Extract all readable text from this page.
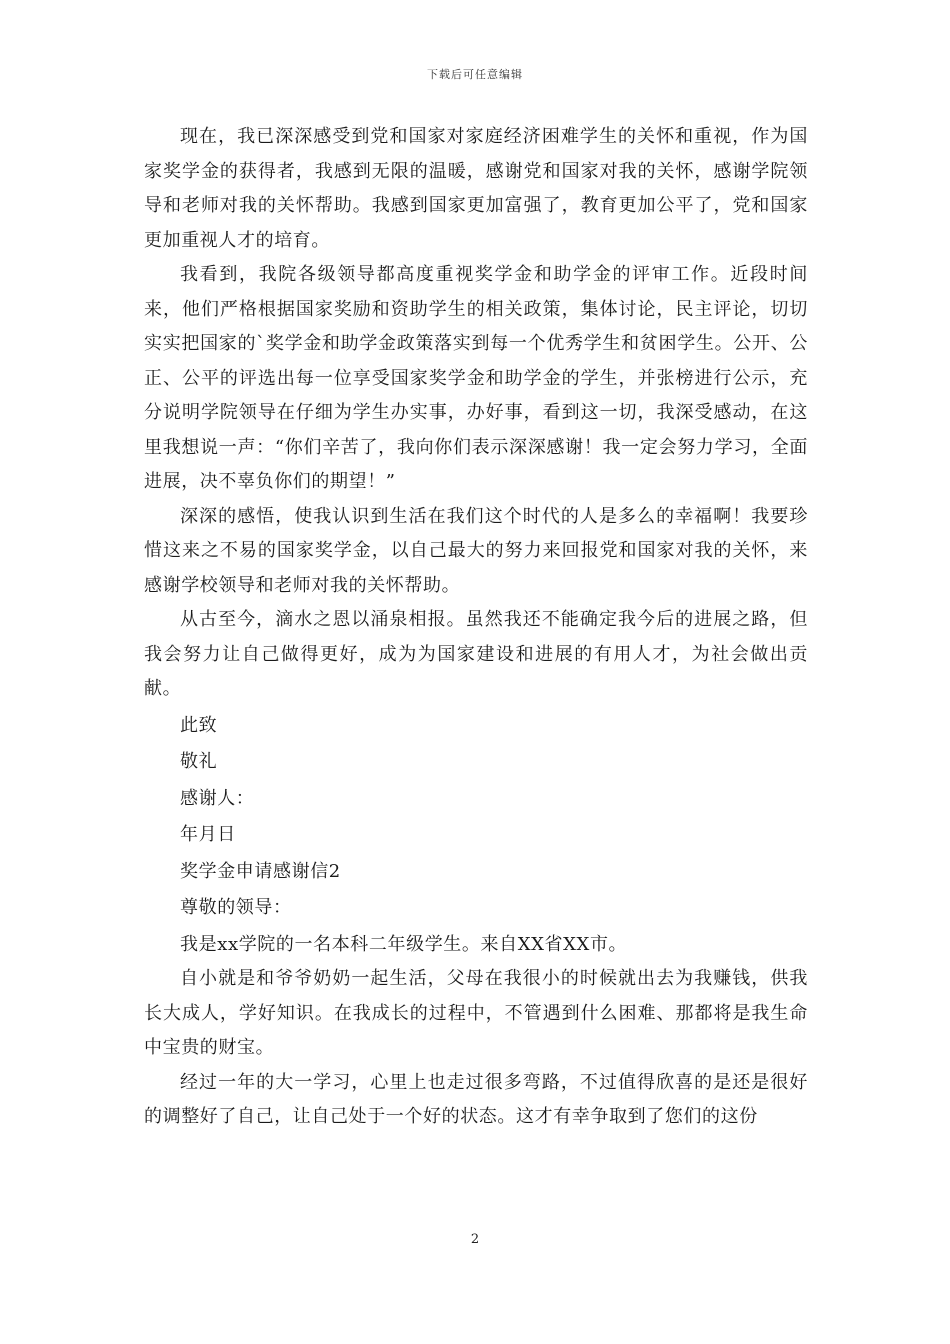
下载后可任意编辑

现在，我已深深感受到党和国家对家庭经济困难学生的关怀和重视，作为国家奖学金的获得者，我感到无限的温暖，感谢党和国家对我的关怀，感谢学院领导和老师对我的关怀帮助。我感到国家更加富强了，教育更加公平了，党和国家更加重视人才的培育。

我看到，我院各级领导都高度重视奖学金和助学金的评审工作。近段时间来，他们严格根据国家奖励和资助学生的相关政策，集体讨论，民主评论，切切实实把国家的`奖学金和助学金政策落实到每一个优秀学生和贫困学生。公开、公正、公平的评选出每一位享受国家奖学金和助学金的学生，并张榜进行公示，充分说明学院领导在仔细为学生办实事，办好事，看到这一切，我深受感动，在这里我想说一声：“你们辛苦了，我向你们表示深深感谢！我一定会努力学习，全面进展，决不辜负你们的期望！”

深深的感悟，使我认识到生活在我们这个时代的人是多么的幸福啊！我要珍惜这来之不易的国家奖学金，以自己最大的努力来回报党和国家对我的关怀，来感谢学校领导和老师对我的关怀帮助。

从古至今，滴水之恩以涌泉相报。虽然我还不能确定我今后的进展之路，但我会努力让自己做得更好，成为为国家建设和进展的有用人才，为社会做出贡献。

此致

敬礼

感谢人：

年月日

奖学金申请感谢信2

尊敬的领导：

我是xx学院的一名本科二年级学生。来自XX省XX市。

自小就是和爷爷奶奶一起生活，父母在我很小的时候就出去为我赚钱，供我长大成人，学好知识。在我成长的过程中，不管遇到什么困难、那都将是我生命中宝贵的财宝。

经过一年的大一学习，心里上也走过很多弯路，不过值得欣喜的是还是很好的调整好了自己，让自己处于一个好的状态。这才有幸争取到了您们的这份

2
